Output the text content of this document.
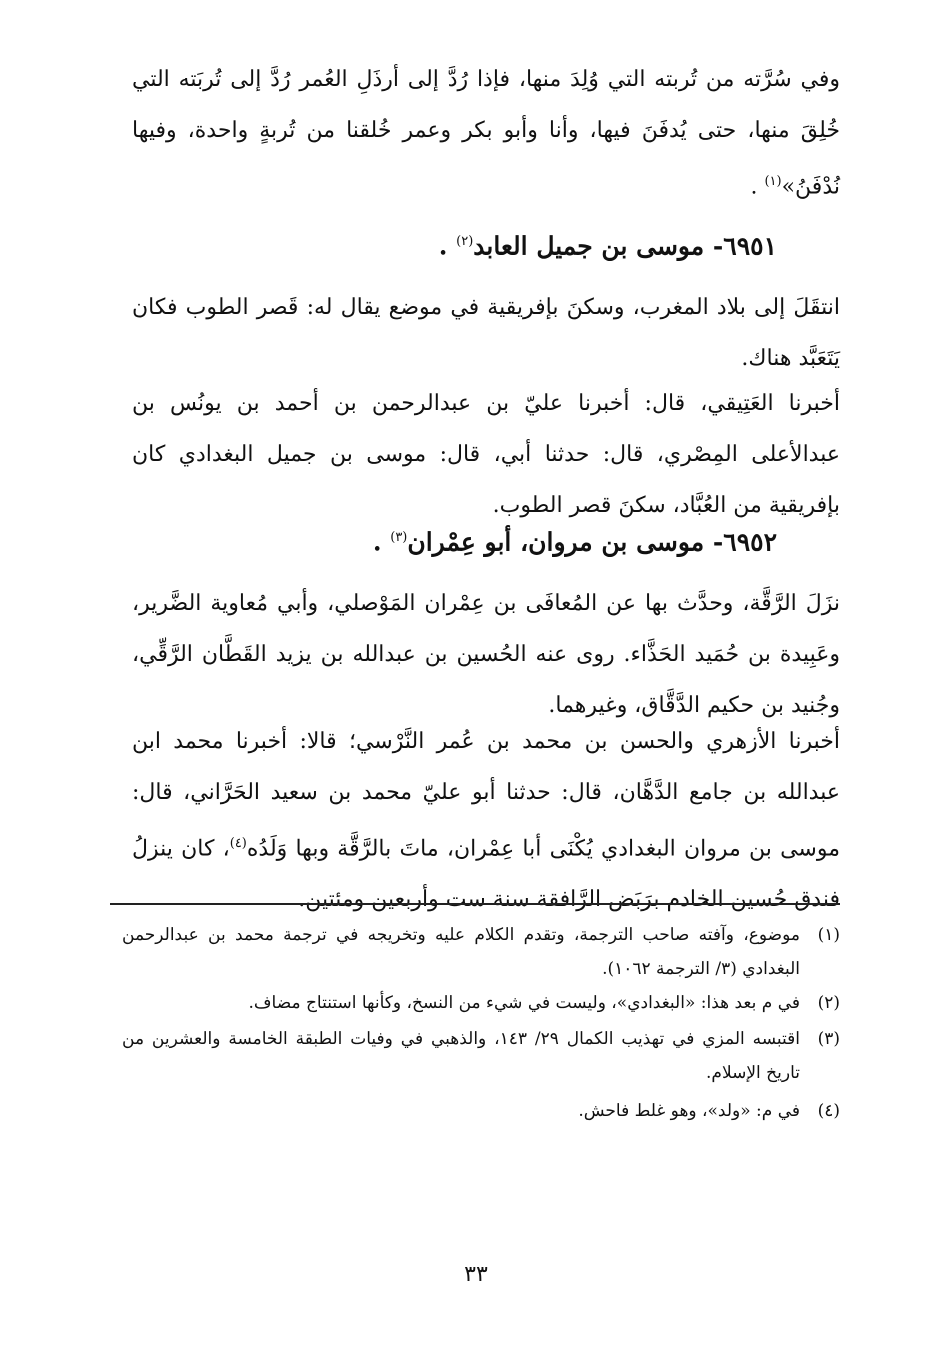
وفي سُرَّته من تُربته التي وُلِدَ منها، فإذا رُدَّ إلى أرذَلِ العُمر رُدَّ إلى تُربَته التي خُلِقَ منها، حتى يُدفَنَ فيها، وأنا وأبو بكر وعمر خُلقنا من تُربةٍ واحدة، وفيها نُدْفَنُ»$^{(١)}$ .

٦٩٥١- موسى بن جميل العابد$^{(٢)}$ .

انتقَلَ إلى بلاد المغرب، وسكنَ بإفريقية في موضع يقال له: قَصر الطوب فكان يَتَعَبَّد هناك.

أخبرنا العَتِيقي، قال: أخبرنا عليّ بن عبدالرحمن بن أحمد بن يونُس بن عبدالأعلى المِصْري، قال: حدثنا أبي، قال: موسى بن جميل البغدادي كان بإفريقية من العُبَّاد، سكنَ قصر الطوب.

٦٩٥٢- موسى بن مروان، أبو عِمْران$^{(٣)}$ .

نزَلَ الرَّقَّة، وحدَّث بها عن المُعافَى بن عِمْران المَوْصلي، وأبي مُعاوية الضَّرير، وعَبِيدة بن حُمَيد الحَذَّاء. روى عنه الحُسين بن عبدالله بن يزيد القَطَّان الرَّقِّي، وجُنيد بن حكيم الدَّقَّاق، وغيرهما.

أخبرنا الأزهري والحسن بن محمد بن عُمر النَّرْسي؛ قالا: أخبرنا محمد ابن عبدالله بن جامع الدَّهَّان، قال: حدثنا أبو عليّ محمد بن سعيد الحَرَّاني، قال: موسى بن مروان البغدادي يُكْنَى أبا عِمْران، ماتَ بالرَّقَّة وبها وَلَدُه$^{(٤)}$، كان ينزلُ فندق حُسين الخادم برَبَض الرَّافقة سنة ست وأربعين ومئتين.

(١)
موضوع، وآفته صاحب الترجمة، وتقدم الكلام عليه وتخريجه في ترجمة محمد بن عبدالرحمن البغدادي (٣/ الترجمة ١٠٦٢).
(٢)
في م بعد هذا: «البغدادي»، وليست في شيء من النسخ، وكأنها استنتاج مضاف.
(٣)
اقتبسه المزي في تهذيب الكمال ٢٩/ ١٤٣، والذهبي في وفيات الطبقة الخامسة والعشرين من تاريخ الإسلام.
(٤)
في م: «ولد»، وهو غلط فاحش.
٣٣
